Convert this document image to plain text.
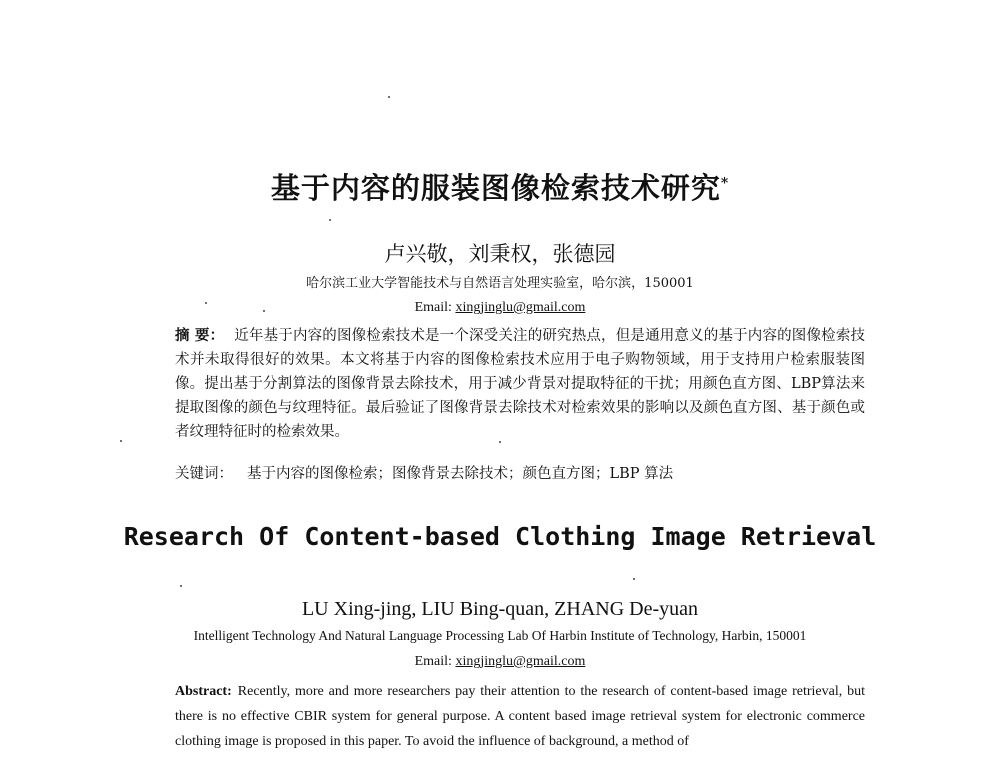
基于内容的服装图像检索技术研究*
卢兴敬，刘秉权，张德园
哈尔滨工业大学智能技术与自然语言处理实验室，哈尔滨，150001
Email: xingjinglu@gmail.com
摘 要： 近年基于内容的图像检索技术是一个深受关注的研究热点，但是通用意义的基于内容的图像检索技术并未取得很好的效果。本文将基于内容的图像检索技术应用于电子购物领域，用于支持用户检索服装图像。提出基于分割算法的图像背景去除技术，用于减少背景对提取特征的干扰；用颜色直方图、LBP算法来提取图像的颜色与纹理特征。最后验证了图像背景去除技术对检索效果的影响以及颜色直方图、基于颜色或者纹理特征时的检索效果。
关键词： 基于内容的图像检索；图像背景去除技术；颜色直方图；LBP 算法
Research Of Content-based Clothing Image Retrieval
LU Xing-jing, LIU Bing-quan, ZHANG De-yuan
Intelligent Technology And Natural Language Processing Lab Of Harbin Institute of Technology, Harbin, 150001
Email: xingjinglu@gmail.com
Abstract: Recently, more and more researchers pay their attention to the research of content-based image retrieval, but there is no effective CBIR system for general purpose. A content based image retrieval system for electronic commerce clothing image is proposed in this paper. To avoid the influence of background, a method of
